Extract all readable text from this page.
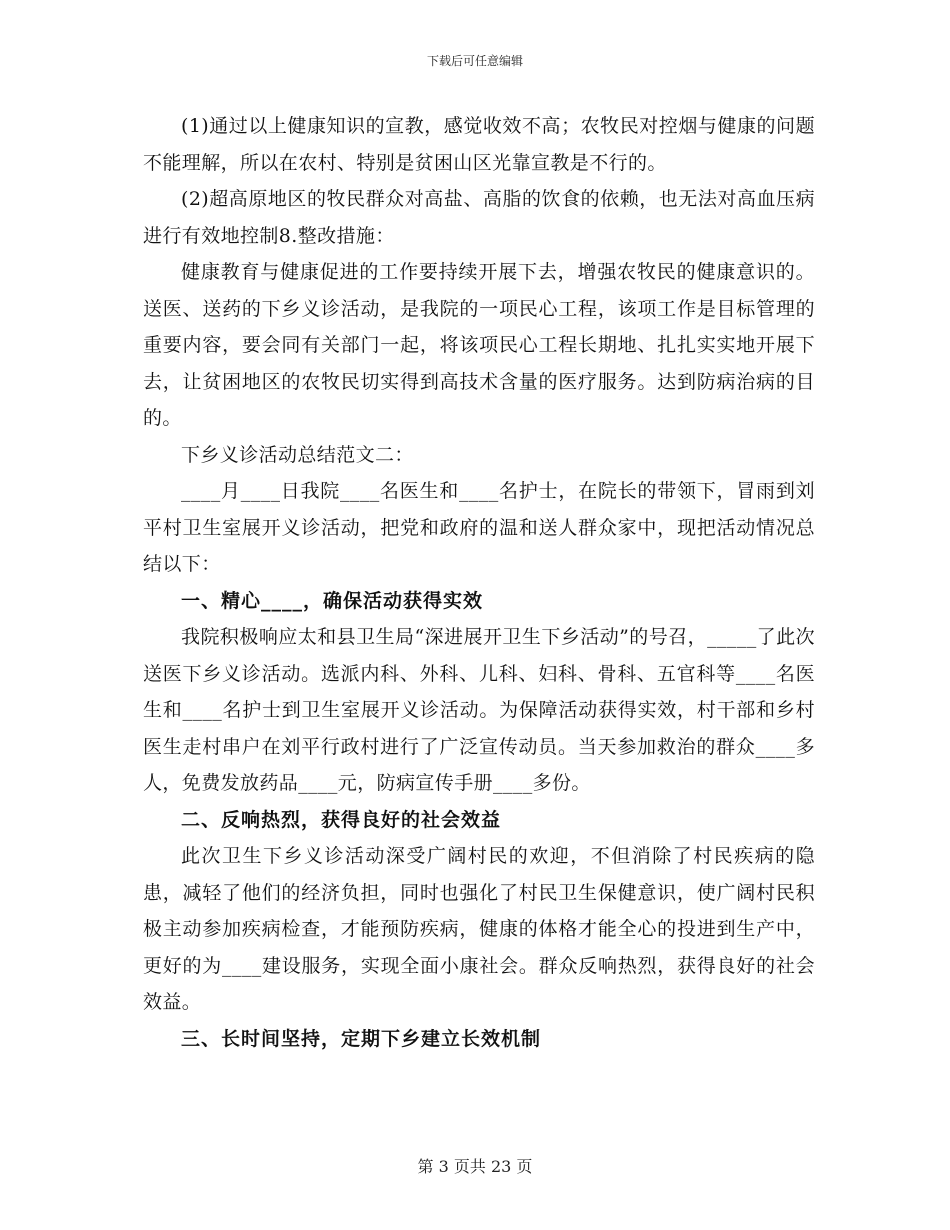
下载后可任意编辑

(1)通过以上健康知识的宣教，感觉收效不高；农牧民对控烟与健康的问题不能理解，所以在农村、特别是贫困山区光靠宣教是不行的。

(2)超高原地区的牧民群众对高盐、高脂的饮食的依赖，也无法对高血压病进行有效地控制8.整改措施：

健康教育与健康促进的工作要持续开展下去，增强农牧民的健康意识的。送医、送药的下乡义诊活动，是我院的一项民心工程，该项工作是目标管理的重要内容，要会同有关部门一起，将该项民心工程长期地、扎扎实实地开展下去，让贫困地区的农牧民切实得到高技术含量的医疗服务。达到防病治病的目的。

下乡义诊活动总结范文二：

____月____日我院____名医生和____名护士，在院长的带领下，冒雨到刘平村卫生室展开义诊活动，把党和政府的温和送人群众家中，现把活动情况总结以下：

一、精心____，确保活动获得实效

我院积极响应太和县卫生局“深进展开卫生下乡活动”的号召，_____了此次送医下乡义诊活动。选派内科、外科、儿科、妇科、骨科、五官科等____名医生和____名护士到卫生室展开义诊活动。为保障活动获得实效，村干部和乡村医生走村串户在刘平行政村进行了广泛宣传动员。当天参加救治的群众____多人，免费发放药品____元，防病宣传手册____多份。

二、反响热烈，获得良好的社会效益

此次卫生下乡义诊活动深受广阔村民的欢迎，不但消除了村民疾病的隐患，减轻了他们的经济负担，同时也强化了村民卫生保健意识，使广阔村民积极主动参加疾病检查，才能预防疾病，健康的体格才能全心的投进到生产中，更好的为____建设服务，实现全面小康社会。群众反响热烈，获得良好的社会效益。

三、长时间坚持，定期下乡建立长效机制

第 3 页共 23 页
